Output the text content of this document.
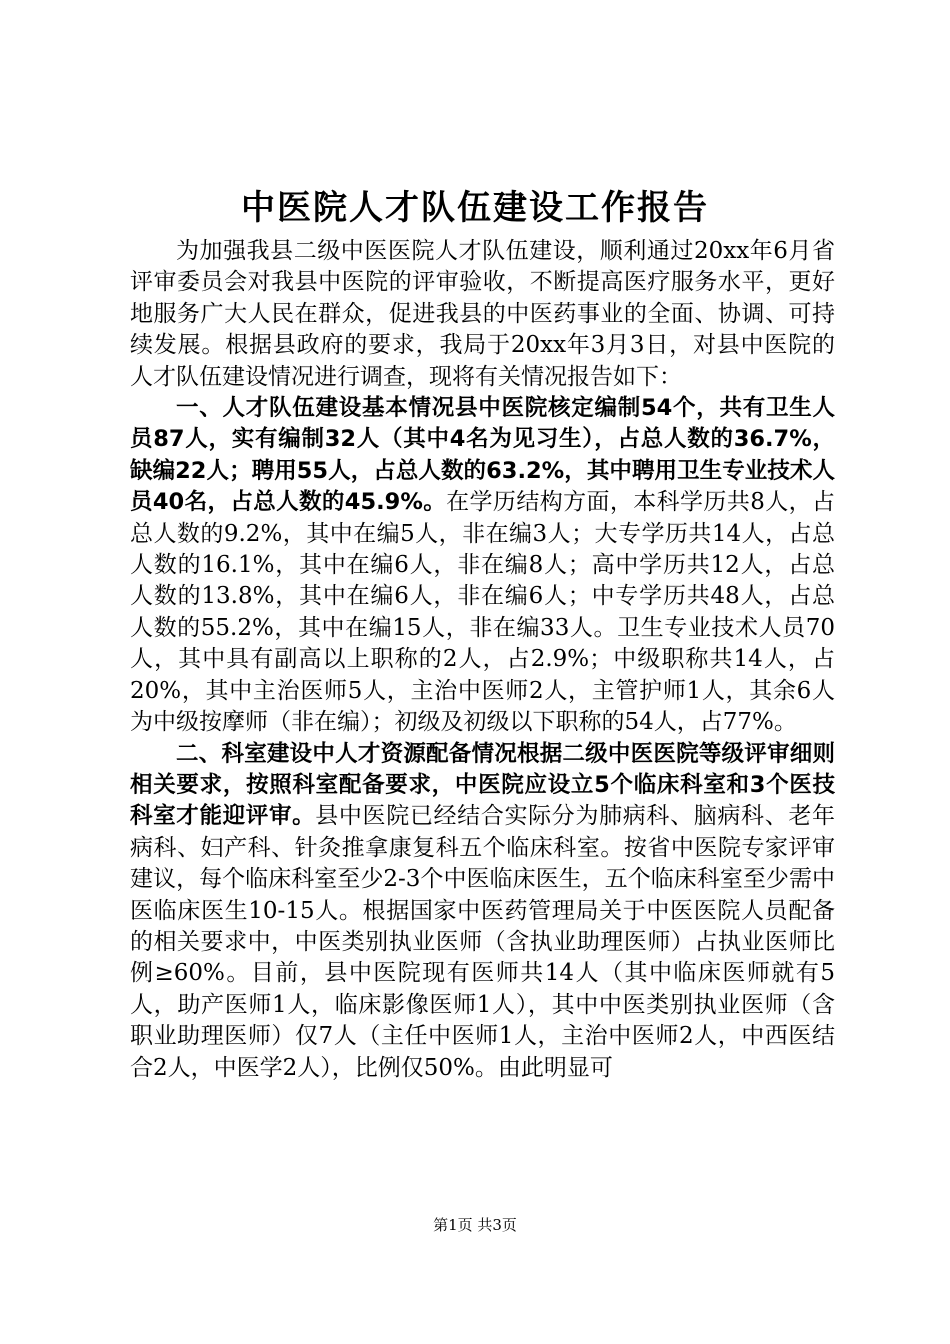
中医院人才队伍建设工作报告

为加强我县二级中医医院人才队伍建设，顺利通过20xx年6月省评审委员会对我县中医院的评审验收，不断提高医疗服务水平，更好地服务广大人民在群众，促进我县的中医药事业的全面、协调、可持续发展。根据县政府的要求，我局于20xx年3月3日，对县中医院的人才队伍建设情况进行调查，现将有关情况报告如下：

一、人才队伍建设基本情况县中医院核定编制54个，共有卫生人员87人，实有编制32人（其中4名为见习生），占总人数的36.7%，缺编22人；聘用55人，占总人数的63.2%，其中聘用卫生专业技术人员40名，占总人数的45.9%。在学历结构方面，本科学历共8人，占总人数的9.2%，其中在编5人，非在编3人；大专学历共14人，占总人数的16.1%，其中在编6人，非在编8人；高中学历共12人，占总人数的13.8%，其中在编6人，非在编6人；中专学历共48人，占总人数的55.2%，其中在编15人，非在编33人。卫生专业技术人员70人，其中具有副高以上职称的2人，占2.9%；中级职称共14人，占20%，其中主治医师5人，主治中医师2人，主管护师1人，其余6人为中级按摩师（非在编）；初级及初级以下职称的54人，占77%。

二、科室建设中人才资源配备情况根据二级中医医院等级评审细则相关要求，按照科室配备要求，中医院应设立5个临床科室和3个医技科室才能迎评审。县中医院已经结合实际分为肺病科、脑病科、老年病科、妇产科、针灸推拿康复科五个临床科室。按省中医院专家评审建议，每个临床科室至少2-3个中医临床医生，五个临床科室至少需中医临床医生10-15人。根据国家中医药管理局关于中医医院人员配备的相关要求中，中医类别执业医师（含执业助理医师）占执业医师比例≥60%。目前，县中医院现有医师共14人（其中临床医师就有5人，助产医师1人，临床影像医师1人），其中中医类别执业医师（含职业助理医师）仅7人（主任中医师1人，主治中医师2人，中西医结合2人，中医学2人），比例仅50%。由此明显可

第1页 共3页
